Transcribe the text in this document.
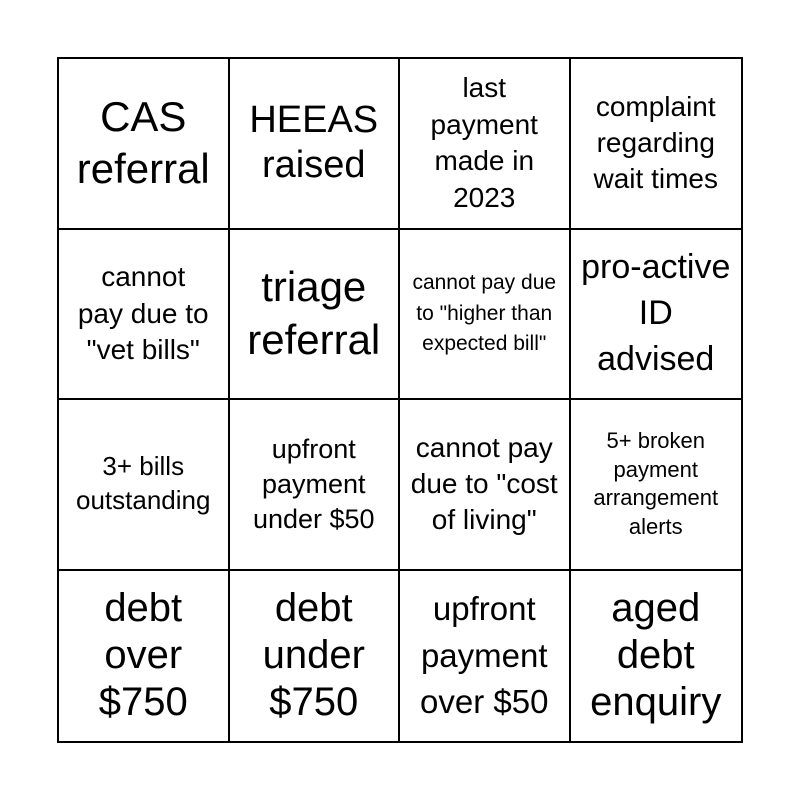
CAS referral
HEEAS raised
last payment made in 2023
complaint regarding wait times
cannot pay due to "vet bills"
triage referral
cannot pay due to "higher than expected bill"
pro-active ID advised
3+ bills outstanding
upfront payment under $50
cannot pay due to "cost of living"
5+ broken payment arrangement alerts
debt over $750
debt under $750
upfront payment over $50
aged debt enquiry
